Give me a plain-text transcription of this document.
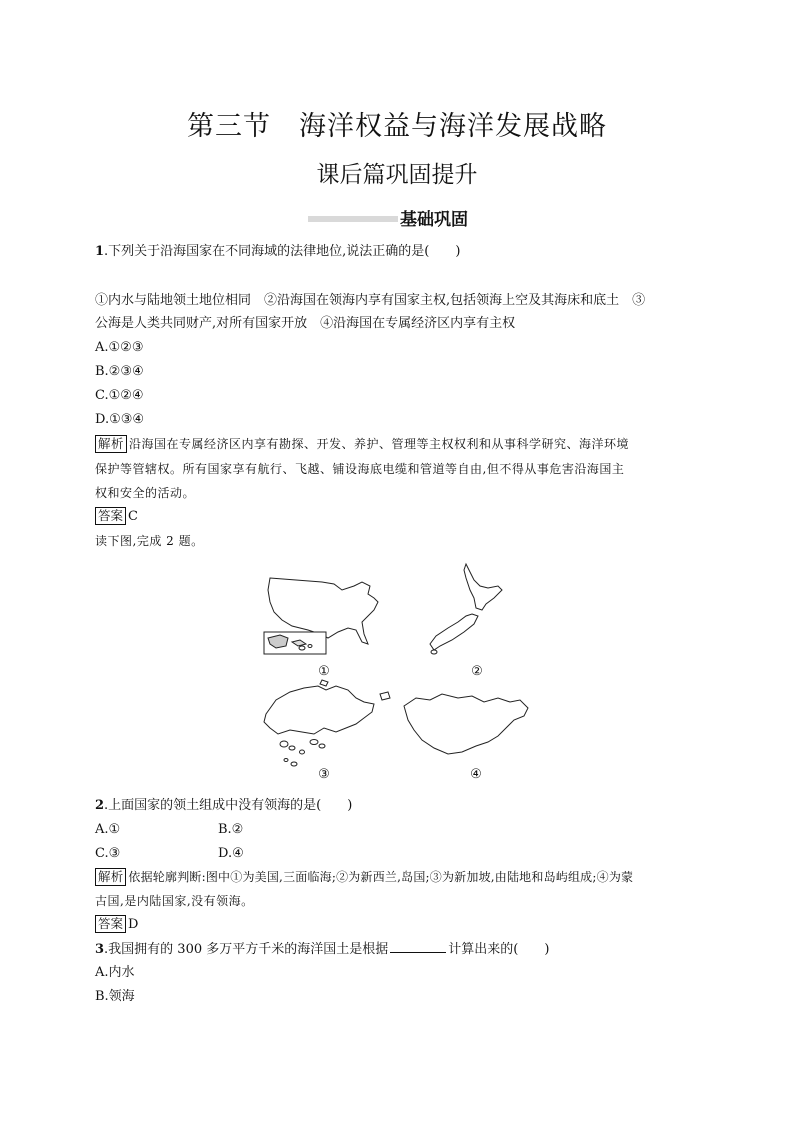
第三节　海洋权益与海洋发展战略
课后篇巩固提升
基础巩固
1.下列关于沿海国家在不同海域的法律地位,说法正确的是(　　)
①内水与陆地领土地位相同　②沿海国在领海内享有国家主权,包括领海上空及其海床和底土　③
公海是人类共同财产,对所有国家开放　④沿海国在专属经济区内享有主权
A.①②③
B.②③④
C.①②④
D.①③④
解析 沿海国在专属经济区内享有勘探、开发、养护、管理等主权权利和从事科学研究、海洋环境
保护等管辖权。所有国家享有航行、飞越、铺设海底电缆和管道等自由,但不得从事危害沿海国主
权和安全的活动。
答案 C
读下图,完成 2 题。
①	②
③	④
2.上面国家的领土组成中没有领海的是(　　)
A.①	B.②
C.③	D.④
解析 依据轮廓判断:图中①为美国,三面临海;②为新西兰,岛国;③为新加坡,由陆地和岛屿组成;④为蒙
古国,是内陆国家,没有领海。
答案 D
3.我国拥有的 300 多万平方千米的海洋国土是根据	计算出来的(　　)
A.内水
B.领海
